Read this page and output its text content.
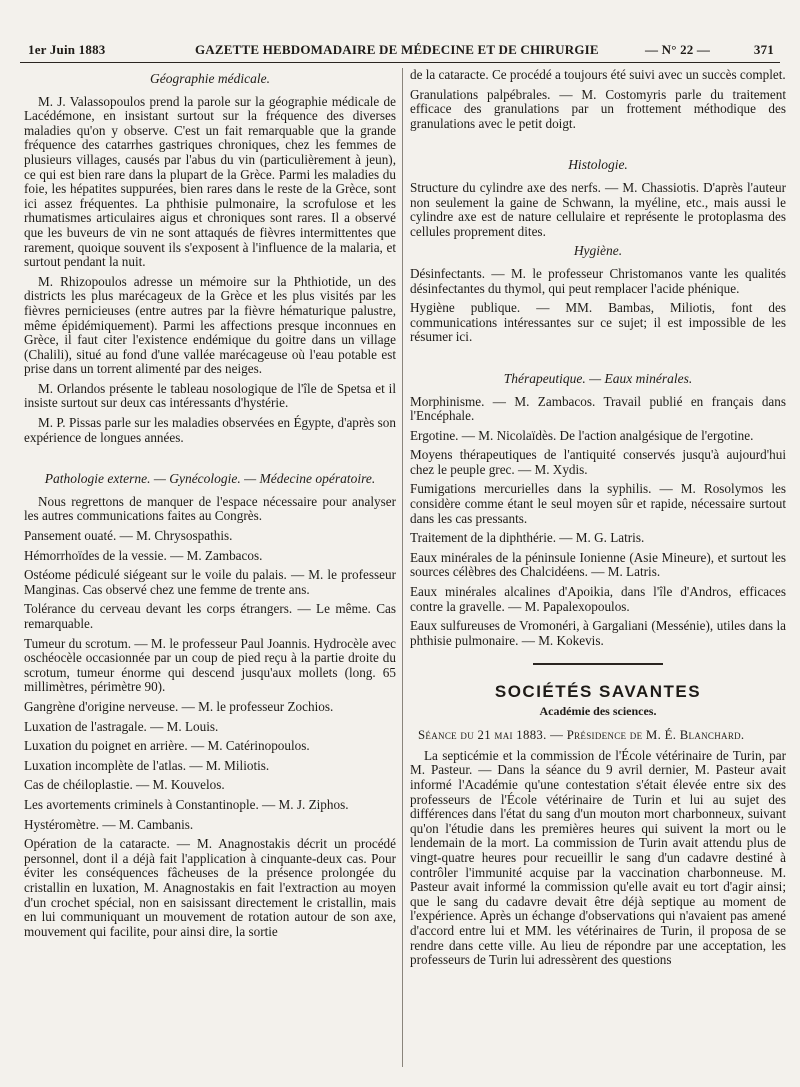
1er Juin 1883	GAZETTE HEBDOMADAIRE DE MÉDECINE ET DE CHIRURGIE	— N° 22 —	371
Géographie médicale.

M. J. Valassopoulos prend la parole sur la géographie médicale de Lacédémone, en insistant surtout sur la fréquence des diverses maladies qu'on y observe. C'est un fait remarquable que la grande fréquence des catarrhes gastriques chroniques, chez les femmes de plusieurs villages, causés par l'abus du vin (particulièrement à jeun), ce qui est bien rare dans la plupart de la Grèce. Parmi les maladies du foie, les hépatites suppurées, bien rares dans le reste de la Grèce, sont ici assez fréquentes. La phthisie pulmonaire, la scrofulose et les rhumatismes articulaires aigus et chroniques sont rares. Il a observé que les buveurs de vin ne sont attaqués de fièvres intermittentes que rarement, quoique souvent ils s'exposent à l'influence de la malaria, et surtout pendant la nuit.

M. Rhizopoulos adresse un mémoire sur la Phthiotide, un des districts les plus marécageux de la Grèce et les plus visités par les fièvres pernicieuses (entre autres par la fièvre hématurique palustre, même épidémiquement). Parmi les affections presque inconnues en Grèce, il faut citer l'existence endémique du goitre dans un village (Chalili), situé au fond d'une vallée marécageuse où l'eau potable est prise dans un torrent alimenté par des neiges.

M. Orlandos présente le tableau nosologique de l'île de Spetsa et il insiste surtout sur deux cas intéressants d'hystérie.

M. P. Pissas parle sur les maladies observées en Égypte, d'après son expérience de longues années.

Pathologie externe. — Gynécologie. — Médecine opératoire.

Nous regrettons de manquer de l'espace nécessaire pour analyser les autres communications faites au Congrès.

Pansement ouaté. — M. Chrysospathis.

Hémorrhoïdes de la vessie. — M. Zambacos.

Ostéome pédiculé siégeant sur le voile du palais. — M. le professeur Manginas. Cas observé chez une femme de trente ans.

Tolérance du cerveau devant les corps étrangers. — Le même. Cas remarquable.

Tumeur du scrotum. — M. le professeur Paul Joannis. Hydrocèle avec oschéocèle occasionnée par un coup de pied reçu à la partie droite du scrotum, tumeur énorme qui descend jusqu'aux mollets (long. 65 millimètres, périmètre 90).

Gangrène d'origine nerveuse. — M. le professeur Zochios.

Luxation de l'astragale. — M. Louis.

Luxation du poignet en arrière. — M. Catérinopoulos.

Luxation incomplète de l'atlas. — M. Miliotis.

Cas de chéiloplastie. — M. Kouvelos.

Les avortements criminels à Constantinople. — M. J. Ziphos.

Hystéromètre. — M. Cambanis.

Opération de la cataracte. — M. Anagnostakis décrit un procédé personnel, dont il a déjà fait l'application à cinquante-deux cas. Pour éviter les conséquences fâcheuses de la présence prolongée du cristallin en luxation, M. Anagnostakis en fait l'extraction au moyen d'un crochet spécial, non en saisissant directement le cristallin, mais en lui communiquant un mouvement de rotation autour de son axe, mouvement qui facilite, pour ainsi dire, la sortie

de la cataracte. Ce procédé a toujours été suivi avec un succès complet.

Granulations palpébrales. — M. Costomyris parle du traitement efficace des granulations par un frottement méthodique des granulations avec le petit doigt.

Histologie.

Structure du cylindre axe des nerfs. — M. Chassiotis. D'après l'auteur non seulement la gaine de Schwann, la myéline, etc., mais aussi le cylindre axe est de nature cellulaire et représente le protoplasma des cellules proprement dites.

Hygiène.

Désinfectants. — M. le professeur Christomanos vante les qualités désinfectantes du thymol, qui peut remplacer l'acide phénique.

Hygiène publique. — MM. Bambas, Miliotis, font des communications intéressantes sur ce sujet; il est impossible de les résumer ici.

Thérapeutique. — Eaux minérales.

Morphinisme. — M. Zambacos. Travail publié en français dans l'Encéphale.

Ergotine. — M. Nicolaïdès. De l'action analgésique de l'ergotine.

Moyens thérapeutiques de l'antiquité conservés jusqu'à aujourd'hui chez le peuple grec. — M. Xydis.

Fumigations mercurielles dans la syphilis. — M. Rosolymos les considère comme étant le seul moyen sûr et rapide, nécessaire surtout dans les cas pressants.

Traitement de la diphthérie. — M. G. Latris.

Eaux minérales de la péninsule Ionienne (Asie Mineure), et surtout les sources célèbres des Chalcidéens. — M. Latris.

Eaux minérales alcalines d'Apoikia, dans l'île d'Andros, efficaces contre la gravelle. — M. Papalexopoulos.

Eaux sulfureuses de Vromonéri, à Gargaliani (Messénie), utiles dans la phthisie pulmonaire. — M. Kokevis.

SOCIÉTÉS SAVANTES
Académie des sciences.

Séance du 21 mai 1883. — Présidence de M. É. Blanchard.

La septicémie et la commission de l'École vétérinaire de Turin, par M. Pasteur. — Dans la séance du 9 avril dernier, M. Pasteur avait informé l'Académie qu'une contestation s'était élevée entre six des professeurs de l'École vétérinaire de Turin et lui au sujet des différences dans l'état du sang d'un mouton mort charbonneux, suivant qu'on l'étudie dans les premières heures qui suivent la mort ou le lendemain de la mort. La commission de Turin avait attendu plus de vingt-quatre heures pour recueillir le sang d'un cadavre destiné à contrôler l'immunité acquise par la vaccination charbonneuse. M. Pasteur avait informé la commission qu'elle avait eu tort d'agir ainsi; que le sang du cadavre devait être déjà septique au moment de l'expérience. Après un échange d'observations qui n'avaient pas amené d'accord entre lui et MM. les vétérinaires de Turin, il proposa de se rendre dans cette ville. Au lieu de répondre par une acceptation, les professeurs de Turin lui adressèrent des questions
